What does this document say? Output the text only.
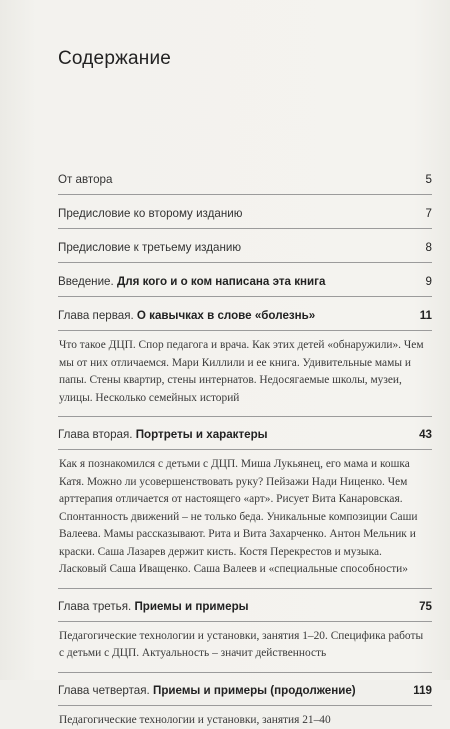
Содержание
От автора	5
Предисловие ко второму изданию	7
Предисловие к третьему изданию	8
Введение. Для кого и о ком написана эта книга	9
Глава первая. О кавычках в слове «болезнь»	11
Что такое ДЦП. Спор педагога и врача. Как этих детей «обнаружили». Чем мы от них отличаемся. Мари Киллили и ее книга. Удивительные мамы и папы. Стены квартир, стены интернатов. Недосягаемые школы, музеи, улицы. Несколько семейных историй
Глава вторая. Портреты и характеры	43
Как я познакомился с детьми с ДЦП. Миша Лукьянец, его мама и кошка Катя. Можно ли усовершенствовать руку? Пейзажи Нади Ниценко. Чем арттерапия отличается от настоящего «арт». Рисует Вита Канаровская. Спонтанность движений – не только беда. Уникальные композиции Саши Валеева. Мамы рассказывают. Рита и Вита Захарченко. Антон Мельник и краски. Саша Лазарев держит кисть. Костя Перекрестов и музыка. Ласковый Саша Иващенко. Саша Валеев и «специальные способности»
Глава третья. Приемы и примеры	75
Педагогические технологии и установки, занятия 1–20. Специфика работы с детьми с ДЦП. Актуальность – значит действенность
Глава четвертая. Приемы и примеры (продолжение)	119
Педагогические технологии и установки, занятия 21–40
